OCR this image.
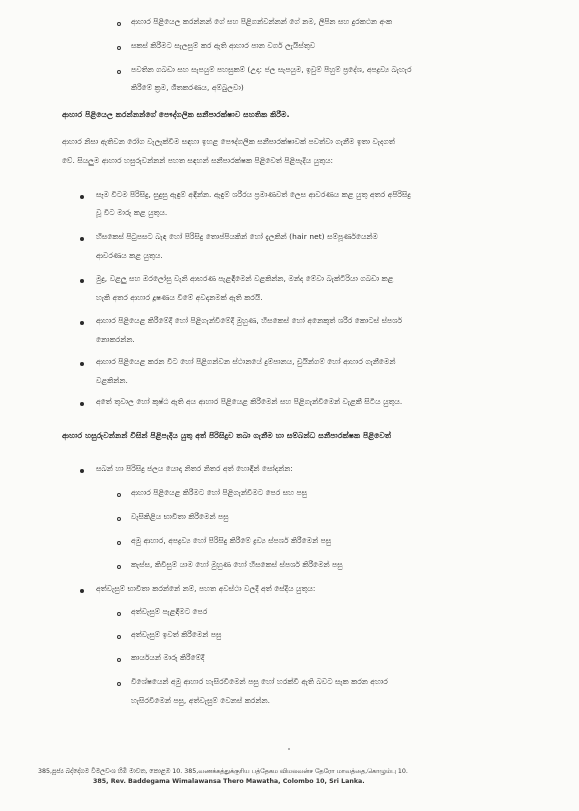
ආහාර පිළියෙල කරන්නන් ගේ සහ පිළිගන්වන්නන් ගේ නම, ලිපින සහ දුරකථන අංක
සකස් කිරීමට සැලසුම් කර ඇති ආහාර පාන වර්ග ලැයිස්තුව
පවතින ගබඩා සහ සැපයුම් පහසුකම් (උදා: ජල සැපයුම, ඉවුම් පිහුම් ප්‍රදේශ, අපද්‍රව්‍ය බැහැර
කිරීමේ ක්‍රම, ශීතකරණය, අම්බුලවා)
ආහාර පිළියෙල කරන්නන්ගේ පෞද්ගලික සනීපාරක්ෂාව සහතික කිරීම.
ආහාර නිසා ඇතිවන රෝග වැලැක්වීම සඳහා ඉහළ පෞද්ගලික සනීපාරක්ෂාවක් පවත්වා ගැනීම ඉතා වැදගත්
වේ. සියලුම ආහාර හසුරුවන්නන් පහත සඳහන් සනීපාරක්ෂක පිළිවෙත් පිළිපැදිය යුතුය:
සෑම විටම පිරිසිදු, සුදුසු ඇඳුම් අඳින්න. ඇඳුම් ශරීරය ප්‍රමාණවත් ලෙස ආවරණය කළ යුතු අතර අපිරිසිදු
වූ විට මාරු කළ යුතුය.
හිසකෙස් පිටුපසට බැඳ හෝ පිරිසිදු තොප්පියකින් හෝ දැලකින් (hair net) සම්පූර්ණයෙන්ම
ආවරණය කළ යුතුය.
මුදු, වළලු සහ ඔරලෝසු වැනි ආභරණ පැළඳීමෙන් වළකින්න, මන්ද මේවා බැක්ටීරියා ගබඩා කළ
හැකි අතර ආහාර දූෂණය වීමේ අවදානමක් ඇති කරයි.
ආහාර පිළියෙළ කිරීමේදී හෝ පිළිගැන්වීමේදී මුහුණ, හිසකෙස් හෝ අනෙකුත් ශරීර කොටස් ස්පර්ශ
නොකරන්න.
ආහාර පිළියෙළ කරන විට හෝ පිළිගන්වන ස්ථානයේ දුම්පානය, චුයින්ගම් හෝ ආහාර ගැනීමෙන්
වළකින්න.
අතේ තුවාල හෝ කුෂ්ඨ ඇති අය ආහාර පිළියෙළ කිරීමෙන් සහ පිළිගැන්වීමෙන් වැළකී සිටිය යුතුය.
ආහාර හසුරුවන්නන් විසින් පිළිපැදිය යුතු අත් පිරිසිදුව තබා ගැනීම හා සම්බන්ධ සනීපාරක්ෂක පිළිවෙත්
සබන් හා පිරිසිදු ජලය යොදා නිතර නිතර අත් හොඳින් සෝදන්න:
ආහාර පිළියෙළ කිරීමට හෝ පිළිගැන්වීමට පෙර සහ පසු
වැසිකිළිය භාවිතා කිරීමෙන් පසු
අමු ආහාර, අපද්‍රව්‍ය හෝ පිරිසිදු කිරීමේ ද්‍රව්‍ය ස්පර්ශ කිරීමෙන් පසු
කැස්ස, කිවිසුම් යාම හෝ මුහුණ හෝ හිසකෙස් ස්පර්ශ කිරීමෙන් පසු
අත්වැසුම් භාවිතා කරන්නේ නම්, පහත අවස්ථා වලදී අත් සේදිය යුතුය:
අත්වැසුම් පැළඳීමට පෙර
අත්වැසුම් ඉවත් කිරීමෙන් පසු
කාර්යයන් මාරු කිරීමේදී
විශේෂයෙන් අමු ආහාර හැසිරවීමෙන් පසු හෝ හරක්වී ඇති බවට සැක කරන අහාර
හැසිරවීමෙන් පසු, අත්වැසුම් වෙනස් කරන්න.
385,පූජ්‍ය බද්දේගම විමලවංශ හිමි මාවත, කොළඹ 10. 385,வணக்கத்துக்குரிய பத்தேகம விமலவன்ச தேரோ மாவத்தை,கொழும்பு 10.
385, Rev. Baddegama Wimalawansa Thero Mawatha, Colombo 10, Sri Lanka.
